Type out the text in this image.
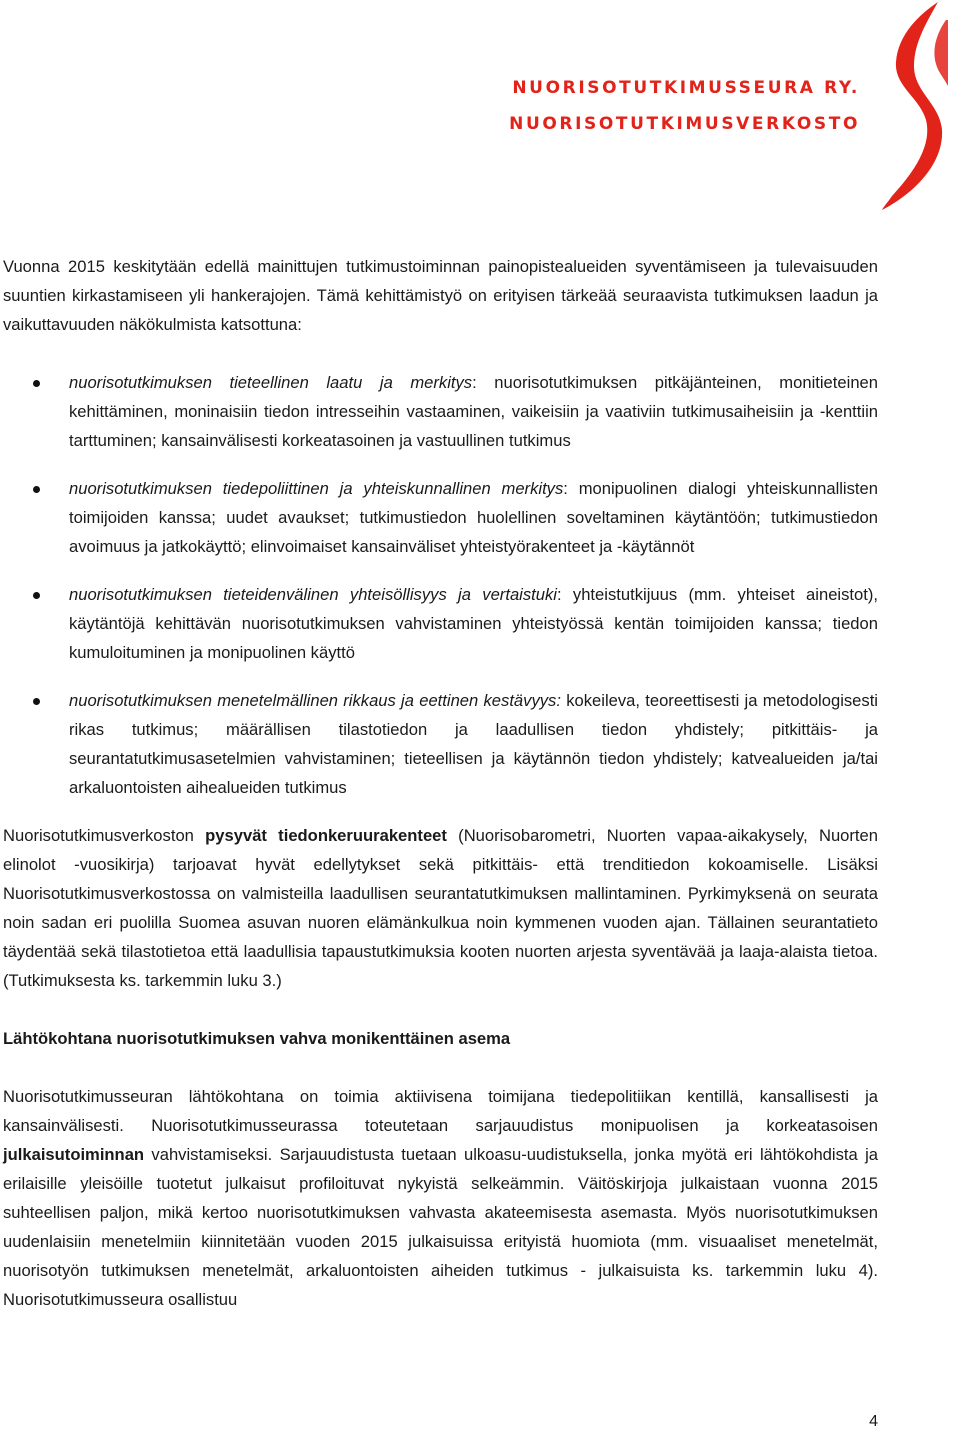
NUORISOTUTKIMUSSEURA RY.
NUORISOTUTKIMUSVERKOSTO

Vuonna 2015 keskitytään edellä mainittujen tutkimustoiminnan painopistealueiden syventämiseen ja tulevaisuuden suuntien kirkastamiseen yli hankerajojen. Tämä kehittämistyö on erityisen tärkeää seuraavista tutkimuksen laadun ja vaikuttavuuden näkökulmista katsottuna:

nuorisotutkimuksen tieteellinen laatu ja merkitys: nuorisotutkimuksen pitkäjänteinen, monitieteinen kehittäminen, moninaisiin tiedon intresseihin vastaaminen, vaikeisiin ja vaativiin tutkimusaiheisiin ja -kenttiin tarttuminen; kansainvälisesti korkeatasoinen ja vastuullinen tutkimus
nuorisotutkimuksen tiedepoliittinen ja yhteiskunnallinen merkitys: monipuolinen dialogi yhteiskunnallisten toimijoiden kanssa; uudet avaukset; tutkimustiedon huolellinen soveltaminen käytäntöön; tutkimustiedon avoimuus ja jatkokäyttö; elinvoimaiset kansainväliset yhteistyörakenteet ja -käytännöt
nuorisotutkimuksen tieteidenvälinen yhteisöllisyys ja vertaistuki: yhteistutkijuus (mm. yhteiset aineistot), käytäntöjä kehittävän nuorisotutkimuksen vahvistaminen yhteistyössä kentän toimijoiden kanssa; tiedon kumuloituminen ja monipuolinen käyttö
nuorisotutkimuksen menetelmällinen rikkaus ja eettinen kestävyys: kokeileva, teoreettisesti ja metodologisesti rikas tutkimus; määrällisen tilastotiedon ja laadullisen tiedon yhdistely; pitkittäis- ja seurantatutkimusasetelmien vahvistaminen; tieteellisen ja käytännön tiedon yhdistely; katvealueiden ja/tai arkaluontoisten aihealueiden tutkimus

Nuorisotutkimusverkoston pysyvät tiedonkeruurakenteet (Nuorisobarometri, Nuorten vapaa-aikakysely, Nuorten elinolot -vuosikirja) tarjoavat hyvät edellytykset sekä pitkittäis- että trenditiedon kokoamiselle. Lisäksi Nuorisotutkimusverkostossa on valmisteilla laadullisen seurantatutkimuksen mallintaminen. Pyrkimyksenä on seurata noin sadan eri puolilla Suomea asuvan nuoren elämänkulkua noin kymmenen vuoden ajan. Tällainen seurantatieto täydentää sekä tilastotietoa että laadullisia tapaustutkimuksia kooten nuorten arjesta syventävää ja laaja-alaista tietoa. (Tutkimuksesta ks. tarkemmin luku 3.)

Lähtökohtana nuorisotutkimuksen vahva monikenttäinen asema

Nuorisotutkimusseuran lähtökohtana on toimia aktiivisena toimijana tiedepolitiikan kentillä, kansallisesti ja kansainvälisesti. Nuorisotutkimusseurassa toteutetaan sarjauudistus monipuolisen ja korkeatasoisen julkaisutoiminnan vahvistamiseksi. Sarjauudistusta tuetaan ulkoasu-uudistuksella, jonka myötä eri lähtökohdista ja erilaisille yleisöille tuotetut julkaisut profiloituvat nykyistä selkeämmin. Väitöskirjoja julkaistaan vuonna 2015 suhteellisen paljon, mikä kertoo nuorisotutkimuksen vahvasta akateemisesta asemasta. Myös nuorisotutkimuksen uudenlaisiin menetelmiin kiinnitetään vuoden 2015 julkaisuissa erityistä huomiota (mm. visuaaliset menetelmät, nuorisotyön tutkimuksen menetelmät, arkaluontoisten aiheiden tutkimus - julkaisuista ks. tarkemmin luku 4). Nuorisotutkimusseura osallistuu

4
